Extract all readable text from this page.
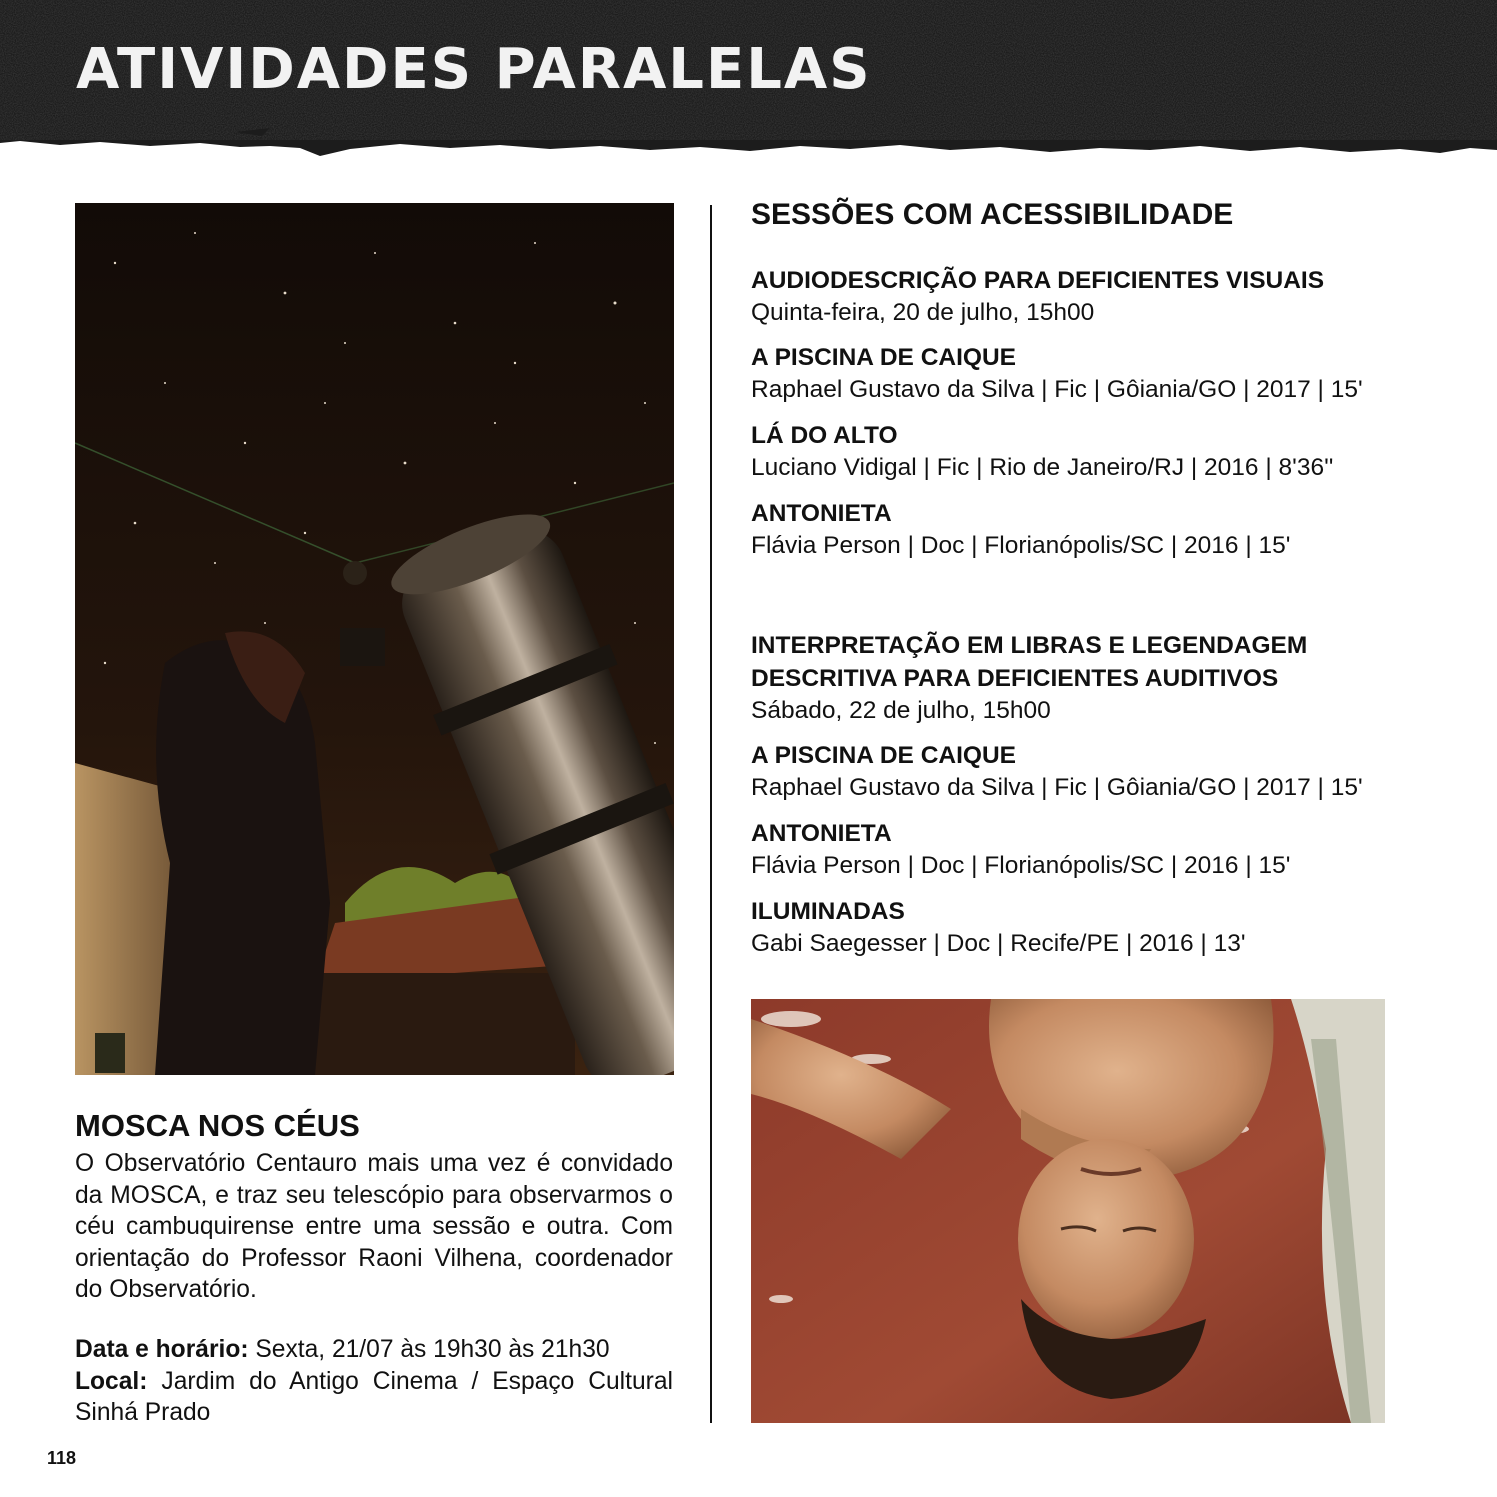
ATIVIDADES PARALELAS
MOSCA NOS CÉUS
O Observatório Centauro mais uma vez é convidado da MOSCA, e traz seu telescópio para observarmos o céu cambuquirense entre uma sessão e outra. Com orientação do Professor Raoni Vilhena, coordenador do Observatório.
Data e horário: Sexta, 21/07 às 19h30 às 21h30
Local: Jardim do Antigo Cinema / Espaço Cultural Sinhá Prado
SESSÕES COM ACESSIBILIDADE
AUDIODESCRIÇÃO PARA DEFICIENTES VISUAIS
Quinta-feira, 20 de julho, 15h00
A PISCINA DE CAIQUE
Raphael Gustavo da Silva | Fic | Gôiania/GO | 2017 | 15'
LÁ DO ALTO
Luciano Vidigal | Fic | Rio de Janeiro/RJ | 2016 | 8'36''
ANTONIETA
Flávia Person | Doc | Florianópolis/SC | 2016 | 15'
INTERPRETAÇÃO EM LIBRAS E LEGENDAGEM
DESCRITIVA PARA DEFICIENTES AUDITIVOS
Sábado, 22 de julho, 15h00
A PISCINA DE CAIQUE
Raphael Gustavo da Silva | Fic | Gôiania/GO | 2017 | 15'
ANTONIETA
Flávia Person | Doc | Florianópolis/SC | 2016 | 15'
ILUMINADAS
Gabi Saegesser | Doc | Recife/PE | 2016 | 13'
118
